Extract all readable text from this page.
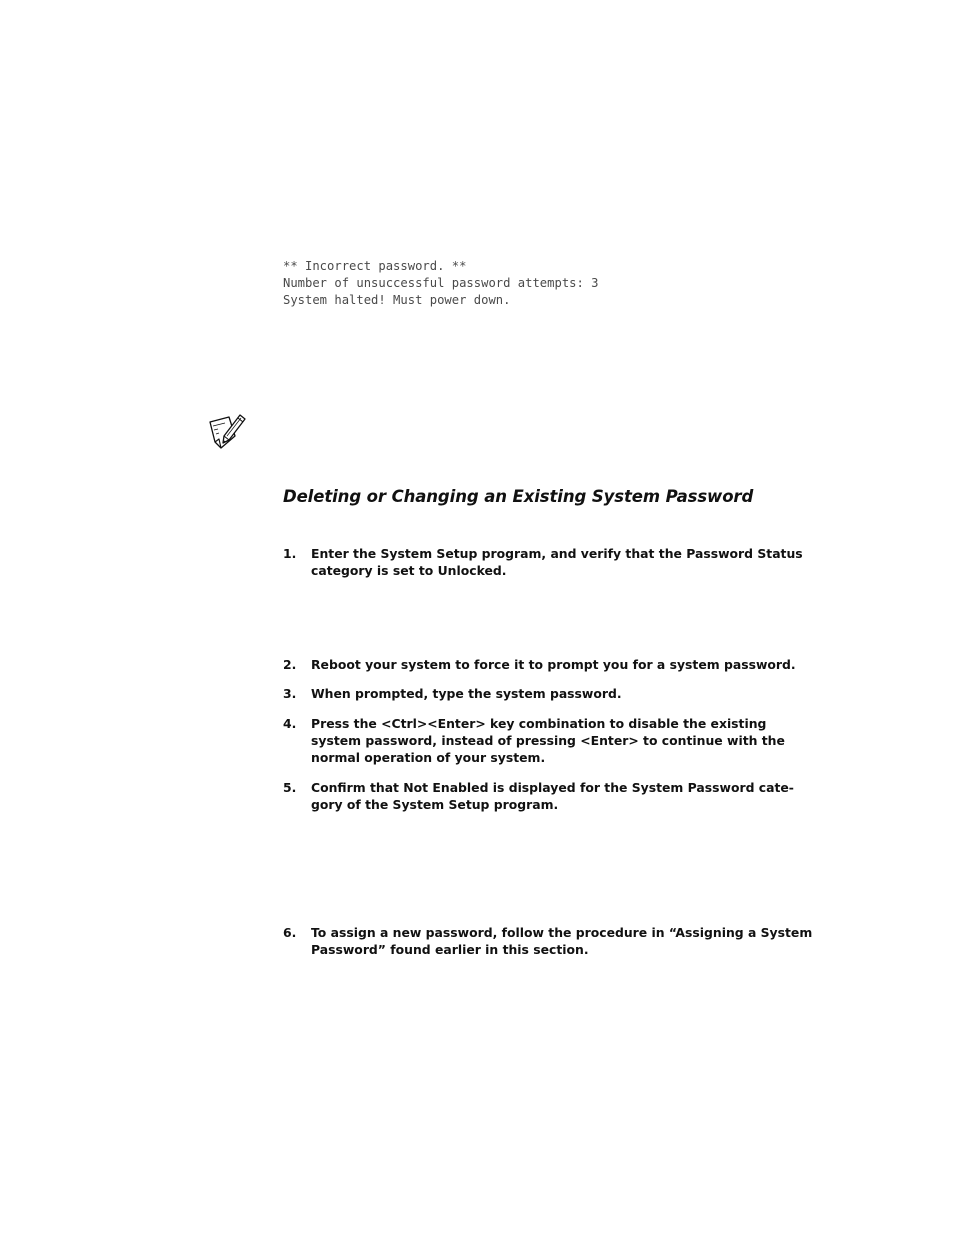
** Incorrect password. **
Number of unsuccessful password attempts: 3
System halted! Must power down.
Deleting or Changing an Existing System Password
1.	Enter the System Setup program, and verify that the Password Status
category is set to Unlocked.
2.	Reboot your system to force it to prompt you for a system password.
3.	When prompted, type the system password.
4.	Press the <Ctrl><Enter> key combination to disable the existing
system password, instead of pressing <Enter> to continue with the
normal operation of your system.
5.	Confirm that Not Enabled is displayed for the System Password cate-
gory of the System Setup program.
6.	To assign a new password, follow the procedure in “Assigning a System
Password” found earlier in this section.
